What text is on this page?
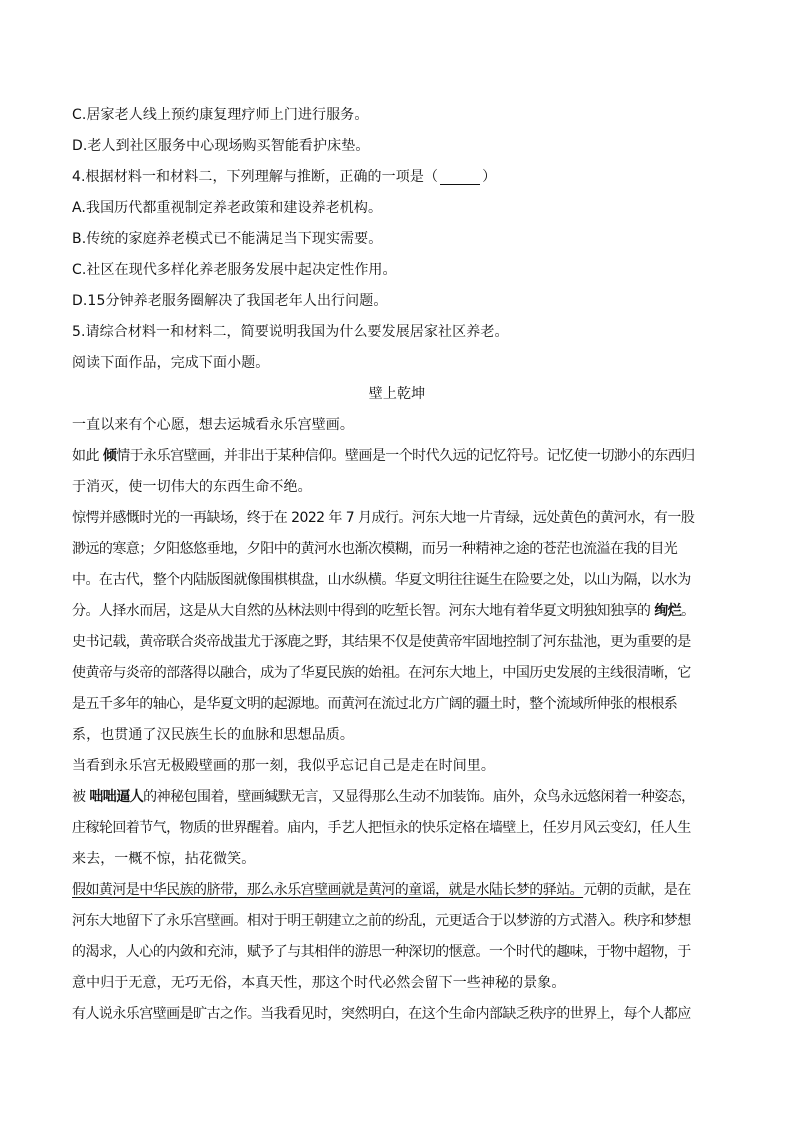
C.居家老人线上预约康复理疗师上门进行服务。
D.老人到社区服务中心现场购买智能看护床垫。
4.根据材料一和材料二，下列理解与推断，正确的一项是（	）
A.我国历代都重视制定养老政策和建设养老机构。
B.传统的家庭养老模式已不能满足当下现实需要。
C.社区在现代多样化养老服务发展中起决定性作用。
D.15分钟养老服务圈解决了我国老年人出行问题。
5.请综合材料一和材料二，简要说明我国为什么要发展居家社区养老。
阅读下面作品，完成下面小题。
壁上乾坤
一直以来有个心愿，想去运城看永乐宫壁画。
如此 倾情于永乐宫壁画，并非出于某种信仰。壁画是一个时代久远的记忆符号。记忆使一切渺小的东西归
于消灭，使一切伟大的东西生命不绝。
惊愕并感慨时光的一再缺场，终于在 2022 年 7 月成行。河东大地一片青绿，远处黄色的黄河水，有一股
渺远的寒意；夕阳悠悠垂地，夕阳中的黄河水也渐次模糊，而另一种精神之途的苍茫也流溢在我的目光
中。在古代，整个内陆版图就像围棋棋盘，山水纵横。华夏文明往往诞生在险要之处，以山为隔，以水为
分。人择水而居，这是从大自然的丛林法则中得到的吃堑长智。河东大地有着华夏文明独知独享的 绚烂。
史书记载，黄帝联合炎帝战蚩尤于涿鹿之野，其结果不仅是使黄帝牢固地控制了河东盐池，更为重要的是
使黄帝与炎帝的部落得以融合，成为了华夏民族的始祖。在河东大地上，中国历史发展的主线很清晰，它
是五千多年的轴心，是华夏文明的起源地。而黄河在流过北方广阔的疆土时，整个流域所伸张的根根系
系，也贯通了汉民族生长的血脉和思想品质。
当看到永乐宫无极殿壁画的那一刻，我似乎忘记自己是走在时间里。
被 咄咄逼人的神秘包围着，壁画缄默无言，又显得那么生动不加装饰。庙外，众鸟永远悠闲着一种姿态，
庄稼轮回着节气，物质的世界醒着。庙内，手艺人把恒永的快乐定格在墙壁上，任岁月风云变幻，任人生
来去，一概不惊，拈花微笑。
假如黄河是中华民族的脐带，那么永乐宫壁画就是黄河的童谣，就是水陆长梦的驿站。元朝的贡献，是在
河东大地留下了永乐宫壁画。相对于明王朝建立之前的纷乱，元更适合于以梦游的方式潜入。秩序和梦想
的渴求，人心的内敛和充沛，赋予了与其相伴的游思一种深切的惬意。一个时代的趣味，于物中超物，于
意中归于无意，无巧无俗，本真天性，那这个时代必然会留下一些神秘的景象。
有人说永乐宫壁画是旷古之作。当我看见时，突然明白，在这个生命内部缺乏秩序的世界上，每个人都应
